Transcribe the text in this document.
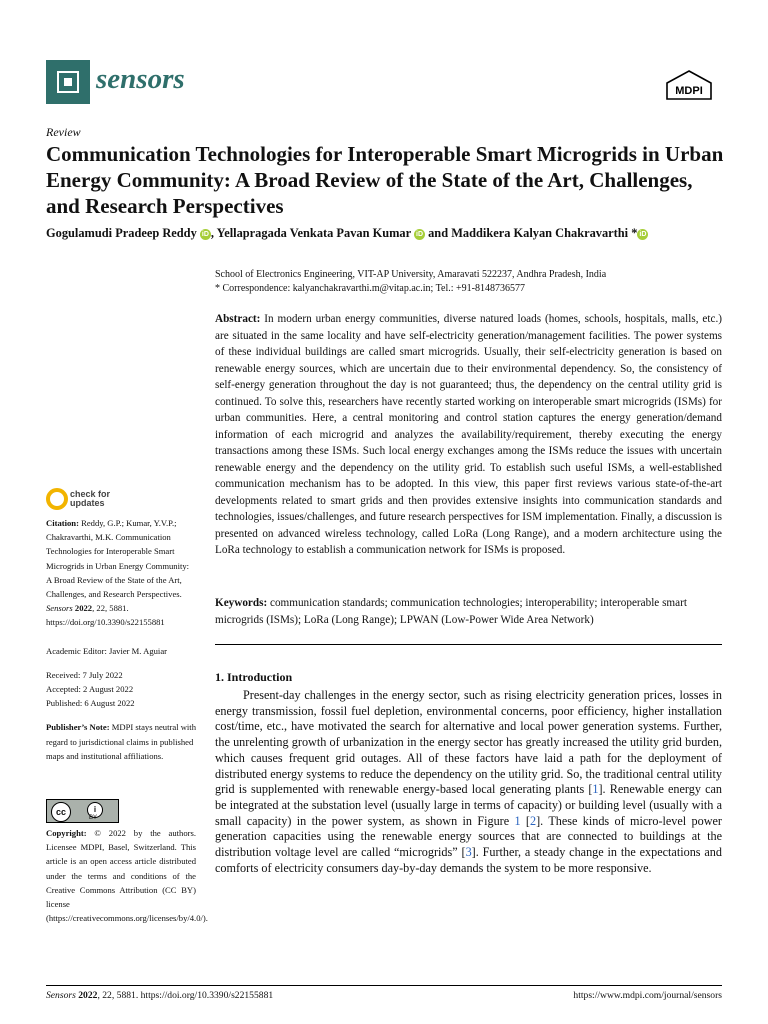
sensors	MDPI
Review
Communication Technologies for Interoperable Smart Microgrids in Urban Energy Community: A Broad Review of the State of the Art, Challenges, and Research Perspectives
Gogulamudi Pradeep Reddy iD , Yellapragada Venkata Pavan Kumar iD and Maddikera Kalyan Chakravarthi * iD
School of Electronics Engineering, VIT-AP University, Amaravati 522237, Andhra Pradesh, India
* Correspondence: kalyanchakravarthi.m@vitap.ac.in; Tel.: +91-8148736577
Abstract: In modern urban energy communities, diverse natured loads (homes, schools, hospitals, malls, etc.) are situated in the same locality and have self-electricity generation/management facilities. The power systems of these individual buildings are called smart microgrids. Usually, their self-electricity generation is based on renewable energy sources, which are uncertain due to their environmental dependency. So, the consistency of self-energy generation throughout the day is not guaranteed; thus, the dependency on the central utility grid is continued. To solve this, researchers have recently started working on interoperable smart microgrids (ISMs) for urban communities. Here, a central monitoring and control station captures the energy generation/demand information of each microgrid and analyzes the availability/requirement, thereby executing the energy transactions among these ISMs. Such local energy exchanges among the ISMs reduce the issues with uncertain renewable energy and the dependency on the utility grid. To establish such useful ISMs, a well-established communication mechanism has to be adopted. In this view, this paper first reviews various state-of-the-art developments related to smart grids and then provides extensive insights into communication standards and technologies, issues/challenges, and future research perspectives for ISM implementation. Finally, a discussion is presented on advanced wireless technology, called LoRa (Long Range), and a modern architecture using the LoRa technology to establish a communication network for ISMs is proposed.
Keywords: communication standards; communication technologies; interoperability; interoperable smart microgrids (ISMs); LoRa (Long Range); LPWAN (Low-Power Wide Area Network)
1. Introduction

Present-day challenges in the energy sector, such as rising electricity generation prices, losses in energy transmission, fossil fuel depletion, environmental concerns, poor efficiency, higher installation cost/time, etc., have motivated the search for alternative and local power generation systems. Further, the unrelenting growth of urbanization in the energy sector has greatly increased the utility grid burden, which causes frequent grid outages. All of these factors have laid a path for the deployment of distributed energy systems to reduce the dependency on the utility grid. So, the traditional central utility grid is supplemented with renewable energy-based local generating plants [1]. Renewable energy can be integrated at the substation level (usually large in terms of capacity) or building level (usually with a small capacity) in the power system, as shown in Figure 1 [2]. These kinds of micro-level power generation capacities using the renewable energy sources that are connected to buildings at the distribution voltage level are called “microgrids” [3]. Further, a steady change in the expectations and comforts of electricity consumers day-by-day demands the system to be more responsive.

check for
updates

Citation: Reddy, G.P.; Kumar, Y.V.P.; Chakravarthi, M.K. Communication Technologies for Interoperable Smart Microgrids in Urban Energy Community: A Broad Review of the State of the Art, Challenges, and Research Perspectives. Sensors 2022, 22, 5881. https://doi.org/10.3390/s22155881

Academic Editor: Javier M. Aguiar

Received: 7 July 2022

Accepted: 2 August 2022

Published: 6 August 2022

Publisher’s Note: MDPI stays neutral with regard to jurisdictional claims in published maps and institutional affiliations.

cc	i
BY
Copyright: © 2022 by the authors. Licensee MDPI, Basel, Switzerland. This article is an open access article distributed under the terms and conditions of the Creative Commons Attribution (CC BY) license (https://creativecommons.org/licenses/by/4.0/).
Sensors 2022, 22, 5881. https://doi.org/10.3390/s22155881	https://www.mdpi.com/journal/sensors
